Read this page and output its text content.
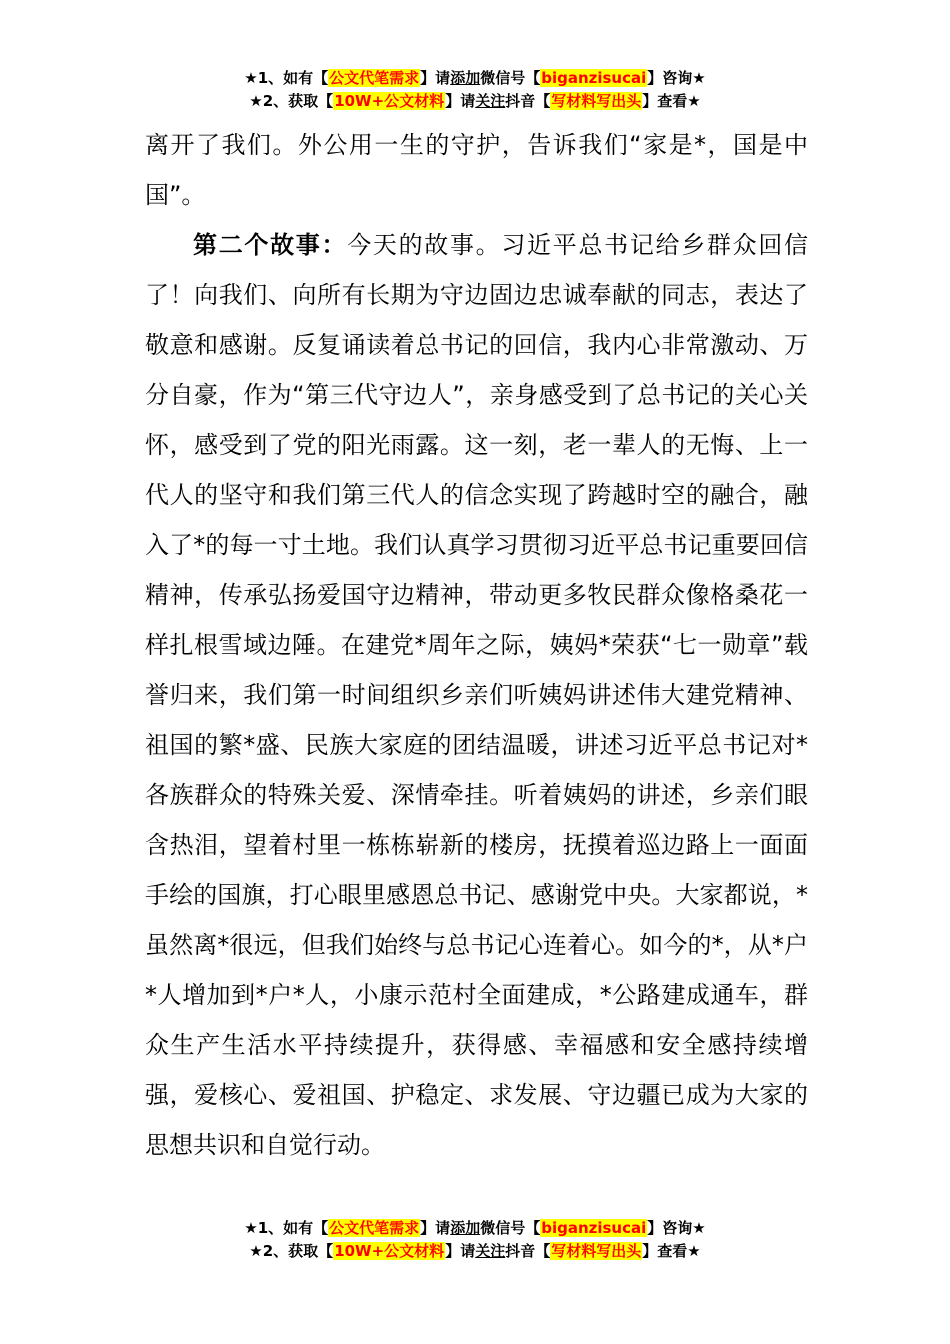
★1、如有【公文代笔需求】请添加微信号【biganzisucai】咨询★
★2、获取【10W+公文材料】请关注抖音【写材料写出头】查看★

离开了我们。外公用一生的守护，告诉我们“家是*，国是中国”。

第二个故事：今天的故事。习近平总书记给乡群众回信了！向我们、向所有长期为守边固边忠诚奉献的同志，表达了敬意和感谢。反复诵读着总书记的回信，我内心非常激动、万分自豪，作为“第三代守边人”，亲身感受到了总书记的关心关怀，感受到了党的阳光雨露。这一刻，老一辈人的无悔、上一代人的坚守和我们第三代人的信念实现了跨越时空的融合，融入了*的每一寸土地。我们认真学习贯彻习近平总书记重要回信精神，传承弘扬爱国守边精神，带动更多牧民群众像格桑花一样扎根雪域边陲。在建党*周年之际，姨妈*荣获“七一勋章”载誉归来，我们第一时间组织乡亲们听姨妈讲述伟大建党精神、祖国的繁*盛、民族大家庭的团结温暖，讲述习近平总书记对*各族群众的特殊关爱、深情牵挂。听着姨妈的讲述，乡亲们眼含热泪，望着村里一栋栋崭新的楼房，抚摸着巡边路上一面面手绘的国旗，打心眼里感恩总书记、感谢党中央。大家都说，*虽然离*很远，但我们始终与总书记心连着心。如今的*，从*户*人增加到*户*人，小康示范村全面建成，*公路建成通车，群众生产生活水平持续提升，获得感、幸福感和安全感持续增强，爱核心、爱祖国、护稳定、求发展、守边疆已成为大家的思想共识和自觉行动。

★1、如有【公文代笔需求】请添加微信号【biganzisucai】咨询★
★2、获取【10W+公文材料】请关注抖音【写材料写出头】查看★
